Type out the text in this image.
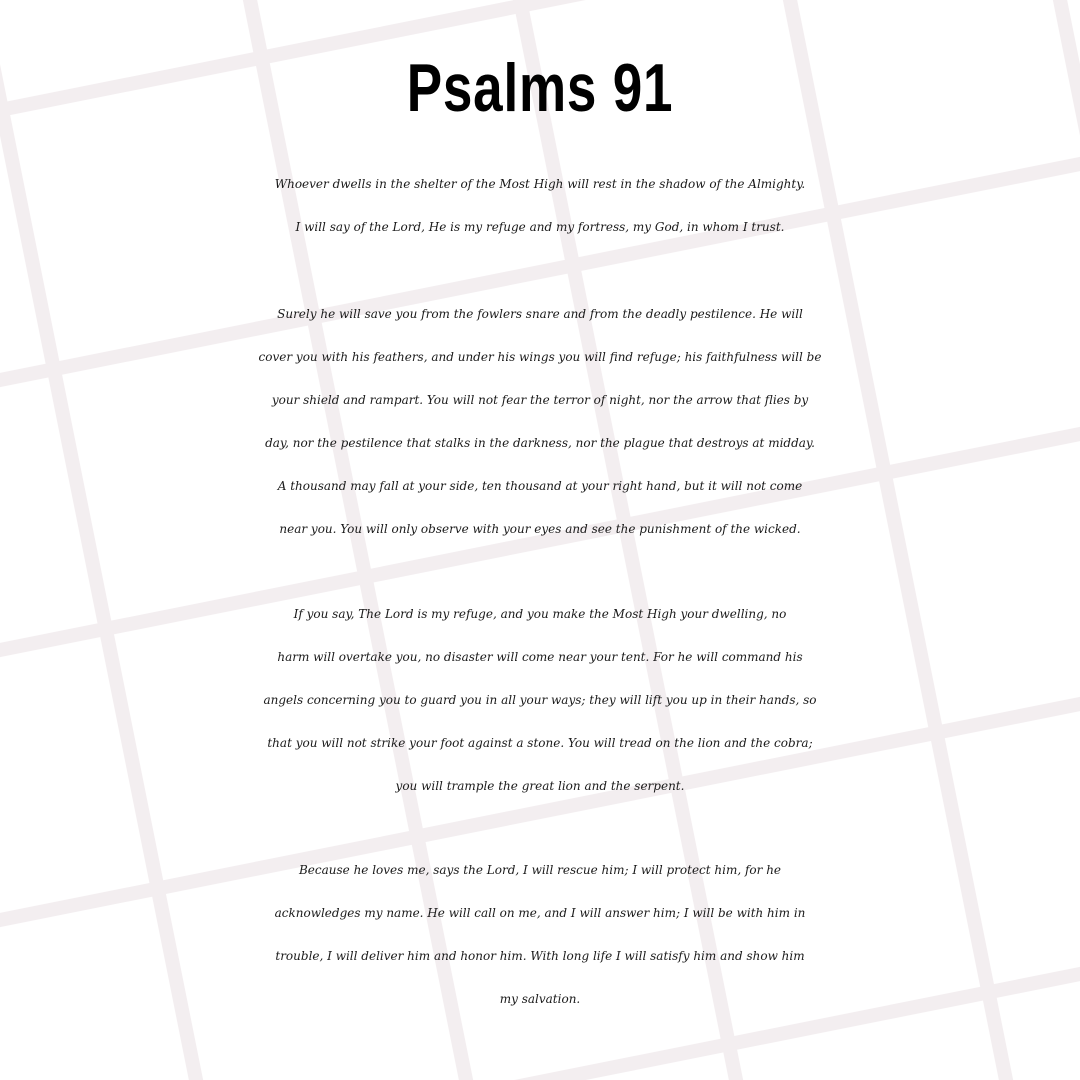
Psalms 91
Whoever dwells in the shelter of the Most High will rest in the shadow of the Almighty.
I will say of the Lord, He is my refuge and my fortress, my God, in whom I trust.
Surely he will save you from the fowlers snare and from the deadly pestilence. He will
cover you with his feathers, and under his wings you will find refuge; his faithfulness will be
your shield and rampart. You will not fear the terror of night, nor the arrow that flies by
day, nor the pestilence that stalks in the darkness, nor the plague that destroys at midday.
A thousand may fall at your side, ten thousand at your right hand, but it will not come
near you. You will only observe with your eyes and see the punishment of the wicked.
If you say, The Lord is my refuge, and you make the Most High your dwelling, no
harm will overtake you, no disaster will come near your tent. For he will command his
angels concerning you to guard you in all your ways; they will lift you up in their hands, so
that you will not strike your foot against a stone. You will tread on the lion and the cobra;
you will trample the great lion and the serpent.
Because he loves me, says the Lord, I will rescue him; I will protect him, for he
acknowledges my name. He will call on me, and I will answer him; I will be with him in
trouble, I will deliver him and honor him. With long life I will satisfy him and show him
my salvation.
